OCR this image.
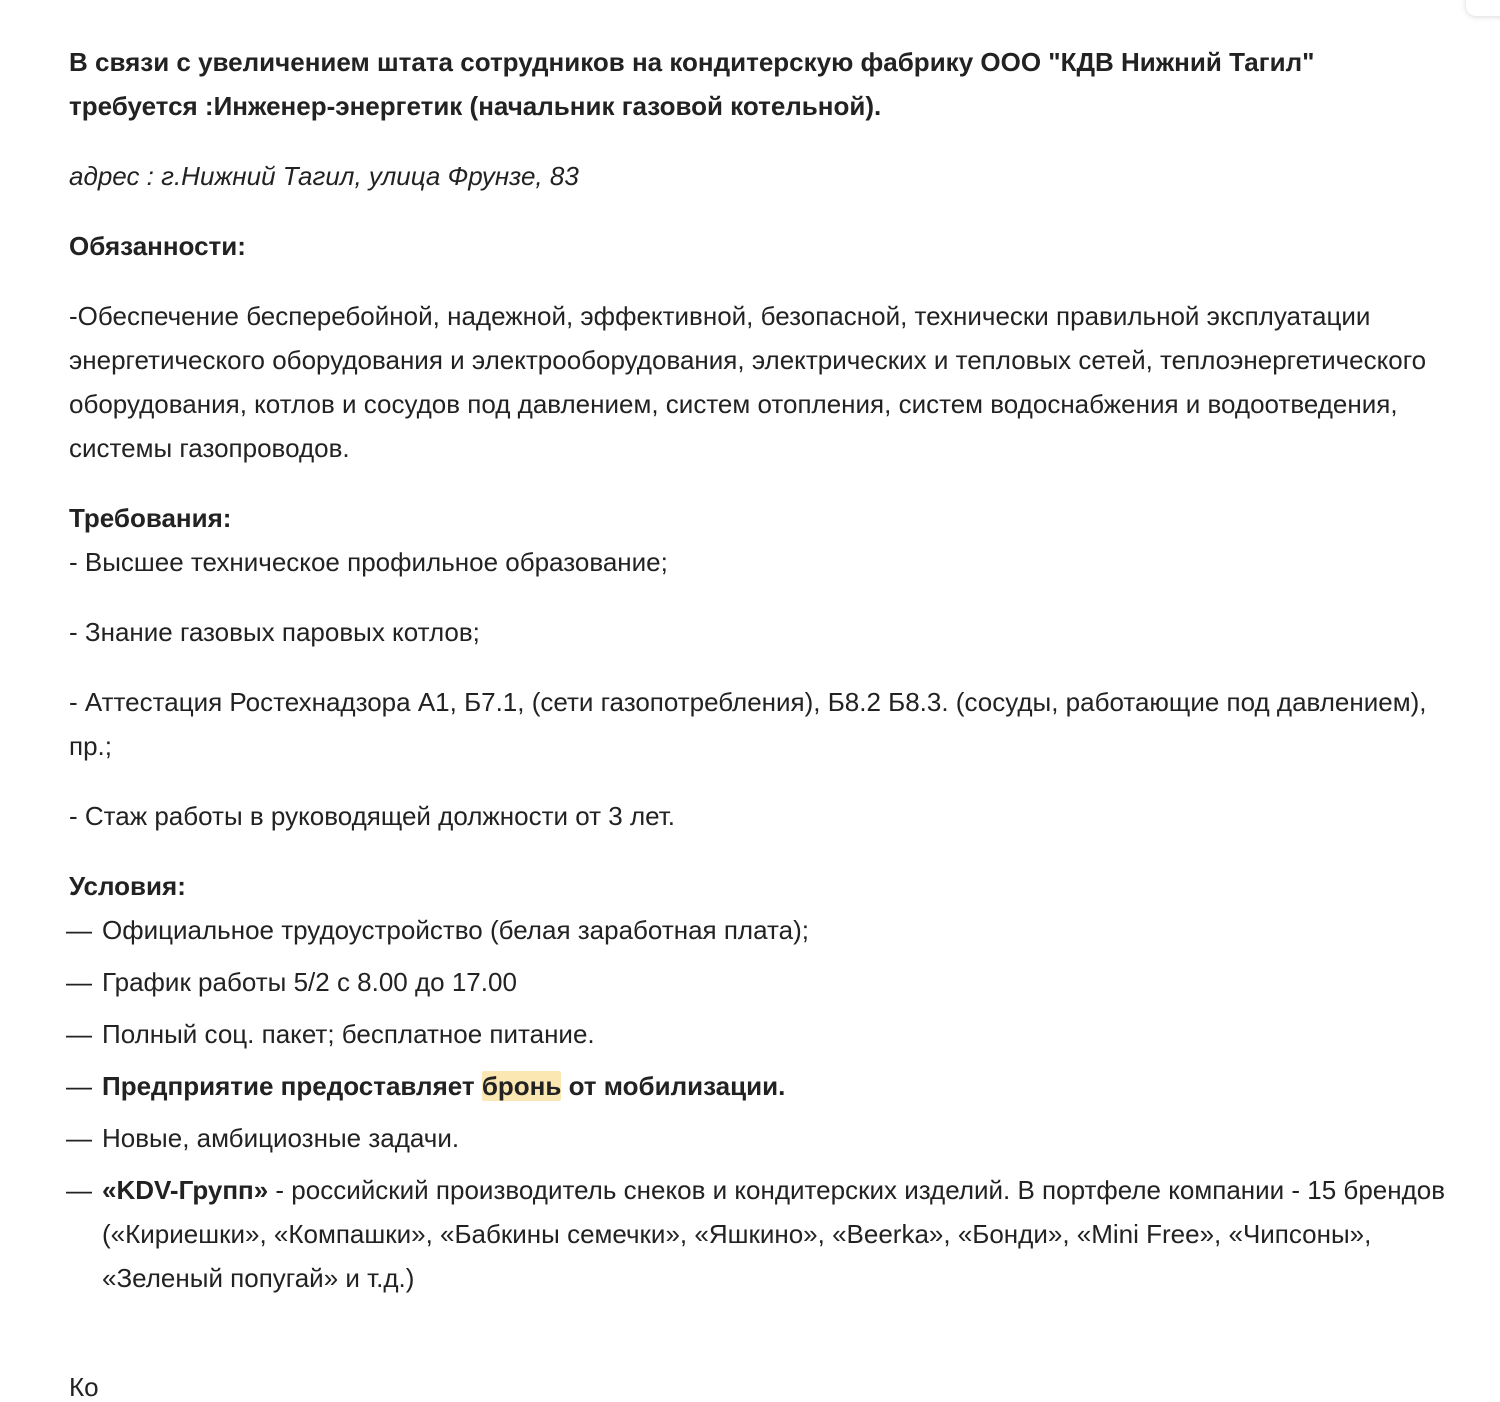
В связи с увеличением штата сотрудников на кондитерскую фабрику ООО "КДВ Нижний Тагил"
требуется :Инженер-энергетик (начальник газовой котельной).

адрес : г.Нижний Тагил, улица Фрунзе, 83

Обязанности:

-Обеспечение бесперебойной, надежной, эффективной, безопасной, технически правильной эксплуатации энергетического оборудования и электрооборудования, электрических и тепловых сетей, теплоэнергетического оборудования, котлов и сосудов под давлением, систем отопления, систем водоснабжения и водоотведения, системы газопроводов.

Требования:

- Высшее техническое профильное образование;

- Знание газовых паровых котлов;

- Аттестация Ростехнадзора А1, Б7.1, (сети газопотребления), Б8.2 Б8.3. (сосуды, работающие под давлением), пр.;

- Стаж работы в руководящей должности от 3 лет.

Условия:

— Официальное трудоустройство (белая заработная плата);
— График работы 5/2 с 8.00 до 17.00
— Полный соц. пакет; бесплатное питание.
— Предприятие предоставляет бронь от мобилизации.
— Новые, амбициозные задачи.
— «KDV-Групп» - российский производитель снеков и кондитерских изделий. В портфеле компании - 15 брендов («Кириешки», «Компашки», «Бабкины семечки», «Яшкино», «Beerka», «Бонди», «Mini Free», «Чипсоны», «Зеленый попугай» и т.д.)
Ко
